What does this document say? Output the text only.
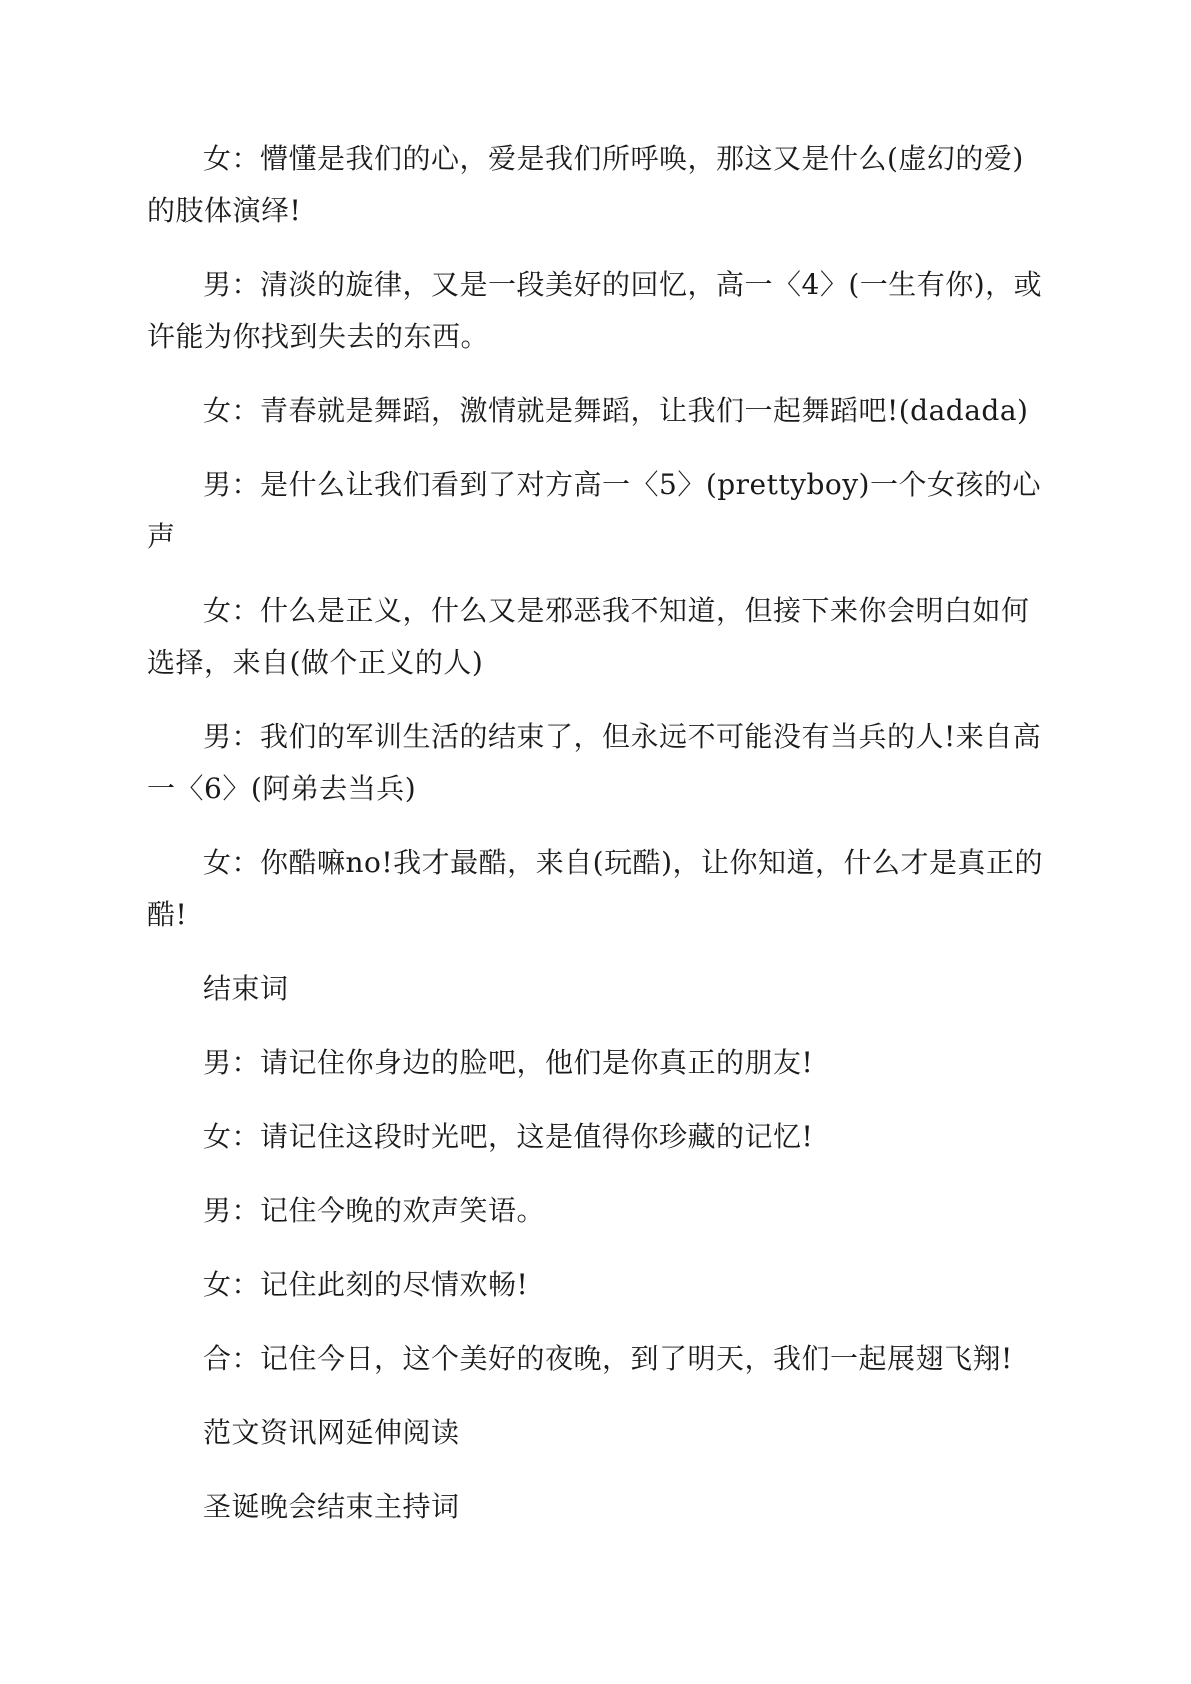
女：懵懂是我们的心，爱是我们所呼唤，那这又是什么(虚幻的爱)的肢体演绎!

男：清淡的旋律，又是一段美好的回忆，高一〈4〉(一生有你)，或许能为你找到失去的东西。

女：青春就是舞蹈，激情就是舞蹈，让我们一起舞蹈吧!(dadada)

男：是什么让我们看到了对方高一〈5〉(prettyboy)一个女孩的心声

女：什么是正义，什么又是邪恶我不知道，但接下来你会明白如何选择，来自(做个正义的人)

男：我们的军训生活的结束了，但永远不可能没有当兵的人!来自高一〈6〉(阿弟去当兵)

女：你酷嘛no!我才最酷，来自(玩酷)，让你知道，什么才是真正的酷!

结束词

男：请记住你身边的脸吧，他们是你真正的朋友!

女：请记住这段时光吧，这是值得你珍藏的记忆!

男：记住今晚的欢声笑语。

女：记住此刻的尽情欢畅!

合：记住今日，这个美好的夜晚，到了明天，我们一起展翅飞翔!

范文资讯网延伸阅读

圣诞晚会结束主持词
